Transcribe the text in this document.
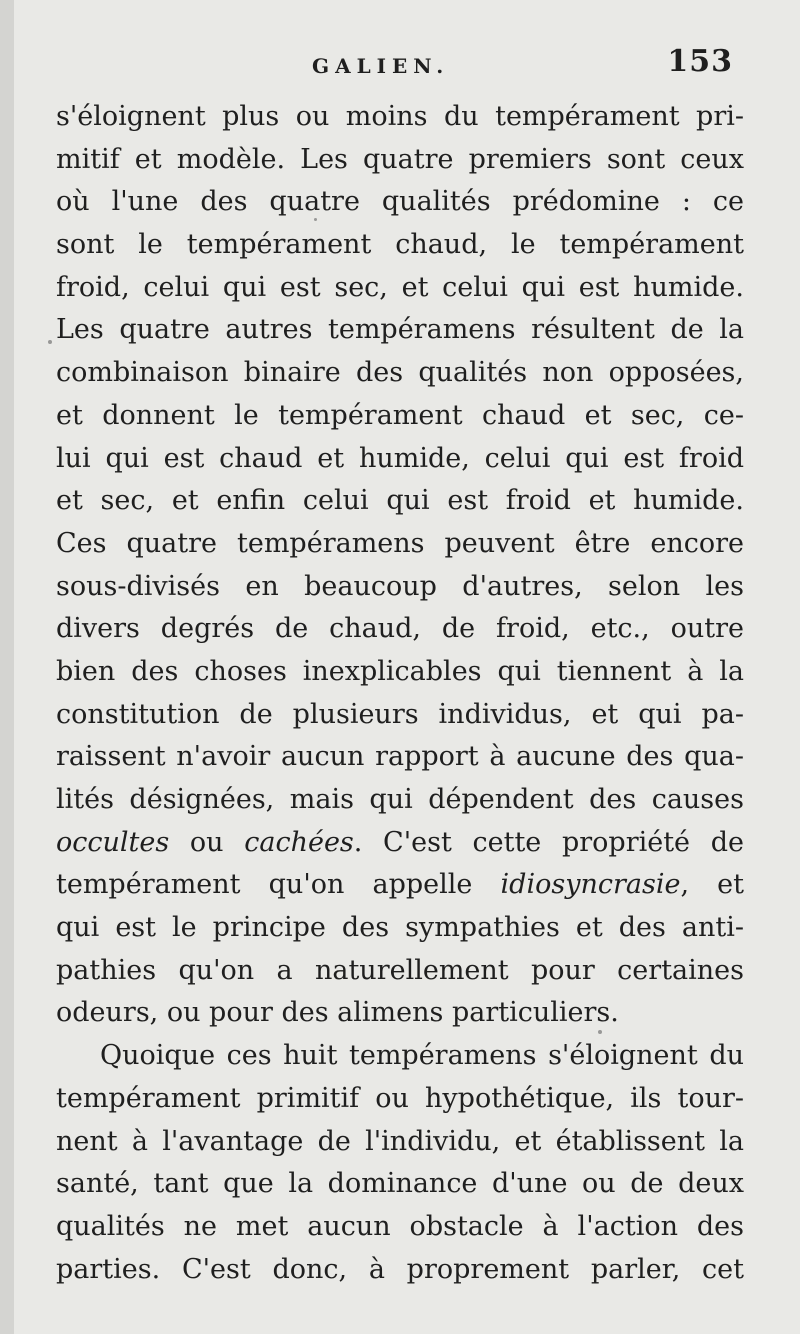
GALIEN.	153
s'éloignent plus ou moins du tempérament pri-
mitif et modèle. Les quatre premiers sont ceux
où l'une des quatre qualités prédomine : ce
sont le tempérament chaud, le tempérament
froid, celui qui est sec, et celui qui est humide.
Les quatre autres tempéramens résultent de la
combinaison binaire des qualités non opposées,
et donnent le tempérament chaud et sec, ce-
lui qui est chaud et humide, celui qui est froid
et sec, et enfin celui qui est froid et humide.
Ces quatre tempéramens peuvent être encore
sous-divisés en beaucoup d'autres, selon les
divers degrés de chaud, de froid, etc., outre
bien des choses inexplicables qui tiennent à la
constitution de plusieurs individus, et qui pa-
raissent n'avoir aucun rapport à aucune des qua-
lités désignées, mais qui dépendent des causes
occultes ou cachées. C'est cette propriété de
tempérament qu'on appelle idiosyncrasie, et
qui est le principe des sympathies et des anti-
pathies qu'on a naturellement pour certaines
odeurs, ou pour des alimens particuliers.
Quoique ces huit tempéramens s'éloignent du
tempérament primitif ou hypothétique, ils tour-
nent à l'avantage de l'individu, et établissent la
santé, tant que la dominance d'une ou de deux
qualités ne met aucun obstacle à l'action des
parties. C'est donc, à proprement parler, cet
